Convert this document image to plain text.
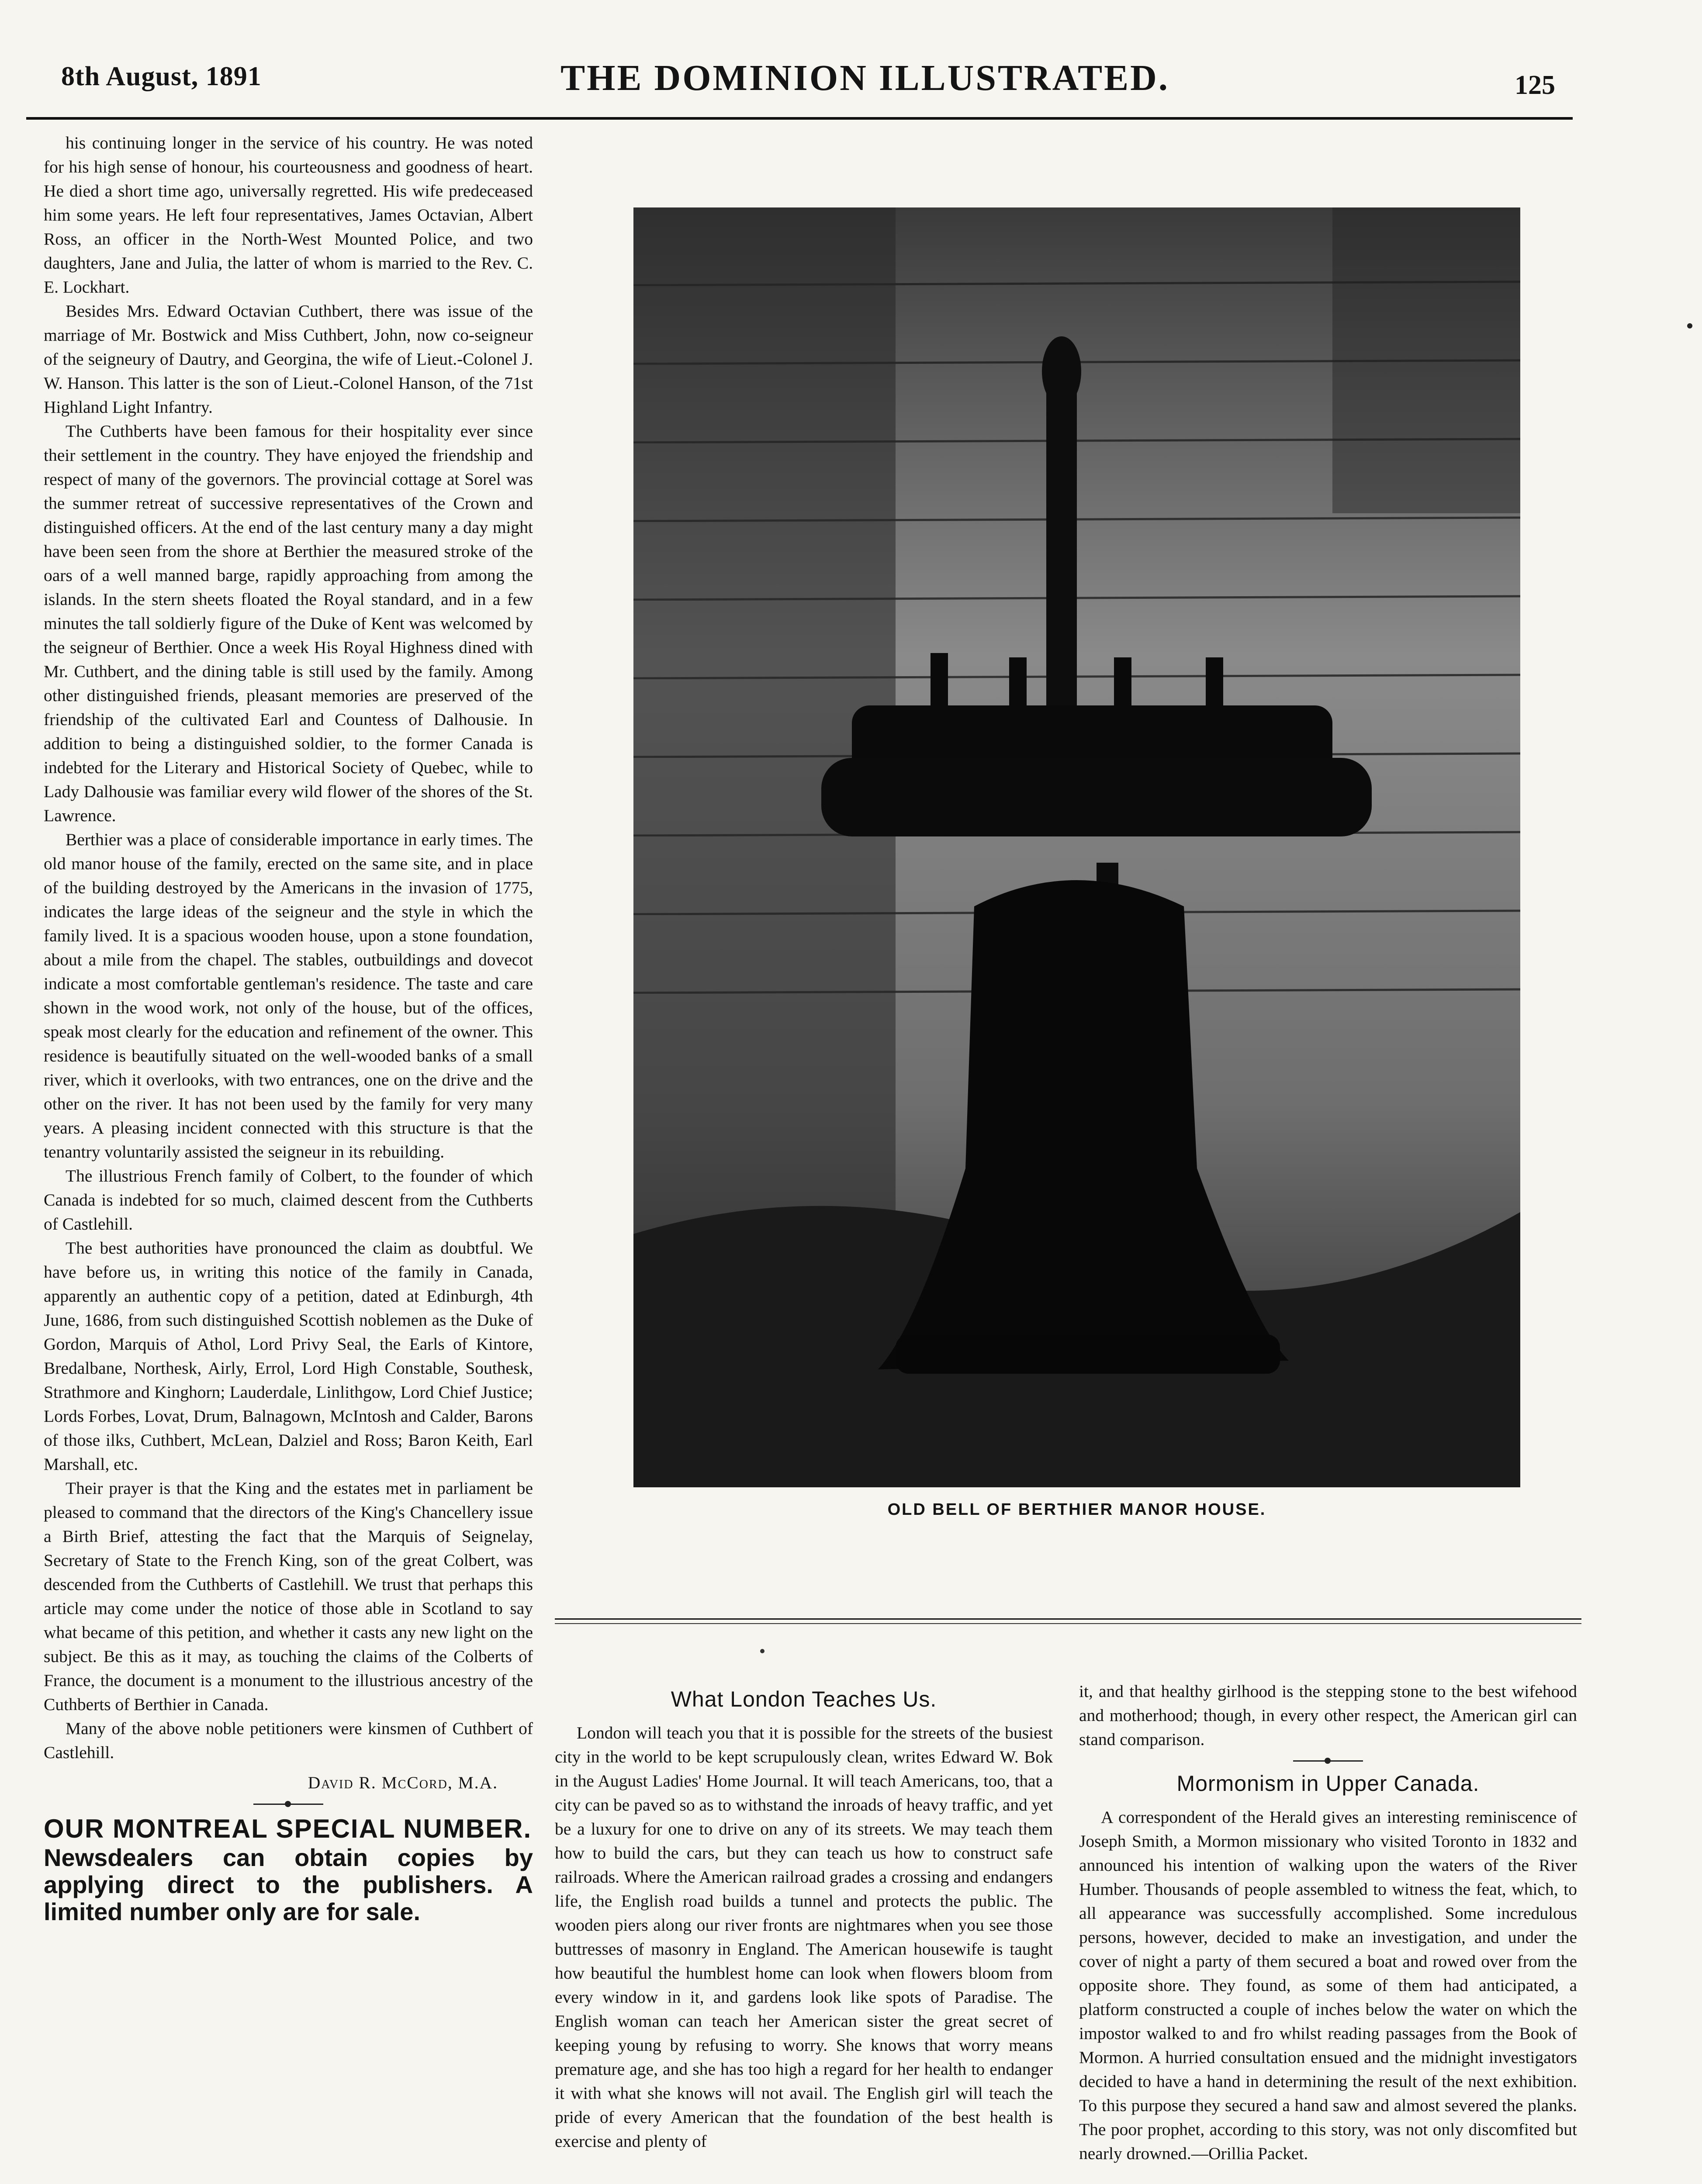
8th August, 1891	THE DOMINION ILLUSTRATED.	125

his continuing longer in the service of his country. He was noted for his high sense of honour, his courteousness and goodness of heart. He died a short time ago, universally regretted. His wife predeceased him some years. He left four representatives, James Octavian, Albert Ross, an officer in the North-West Mounted Police, and two daughters, Jane and Julia, the latter of whom is married to the Rev. C. E. Lockhart.

Besides Mrs. Edward Octavian Cuthbert, there was issue of the marriage of Mr. Bostwick and Miss Cuthbert, John, now co-seigneur of the seigneury of Dautry, and Georgina, the wife of Lieut.-Colonel J. W. Hanson. This latter is the son of Lieut.-Colonel Hanson, of the 71st Highland Light Infantry.

The Cuthberts have been famous for their hospitality ever since their settlement in the country. They have enjoyed the friendship and respect of many of the governors. The provincial cottage at Sorel was the summer retreat of successive representatives of the Crown and distinguished officers. At the end of the last century many a day might have been seen from the shore at Berthier the measured stroke of the oars of a well manned barge, rapidly approaching from among the islands. In the stern sheets floated the Royal standard, and in a few minutes the tall soldierly figure of the Duke of Kent was welcomed by the seigneur of Berthier. Once a week His Royal Highness dined with Mr. Cuthbert, and the dining table is still used by the family. Among other distinguished friends, pleasant memories are preserved of the friendship of the cultivated Earl and Countess of Dalhousie. In addition to being a distinguished soldier, to the former Canada is indebted for the Literary and Historical Society of Quebec, while to Lady Dalhousie was familiar every wild flower of the shores of the St. Lawrence.

Berthier was a place of considerable importance in early times. The old manor house of the family, erected on the same site, and in place of the building destroyed by the Americans in the invasion of 1775, indicates the large ideas of the seigneur and the style in which the family lived. It is a spacious wooden house, upon a stone foundation, about a mile from the chapel. The stables, outbuildings and dovecot indicate a most comfortable gentleman's residence. The taste and care shown in the wood work, not only of the house, but of the offices, speak most clearly for the education and refinement of the owner. This residence is beautifully situated on the well-wooded banks of a small river, which it overlooks, with two entrances, one on the drive and the other on the river. It has not been used by the family for very many years. A pleasing incident connected with this structure is that the tenantry voluntarily assisted the seigneur in its rebuilding.

The illustrious French family of Colbert, to the founder of which Canada is indebted for so much, claimed descent from the Cuthberts of Castlehill.

The best authorities have pronounced the claim as doubtful. We have before us, in writing this notice of the family in Canada, apparently an authentic copy of a petition, dated at Edinburgh, 4th June, 1686, from such distinguished Scottish noblemen as the Duke of Gordon, Marquis of Athol, Lord Privy Seal, the Earls of Kintore, Bredalbane, Northesk, Airly, Errol, Lord High Constable, Southesk, Strathmore and Kinghorn; Lauderdale, Linlithgow, Lord Chief Justice; Lords Forbes, Lovat, Drum, Balnagown, McIntosh and Calder, Barons of those ilks, Cuthbert, McLean, Dalziel and Ross; Baron Keith, Earl Marshall, etc.

Their prayer is that the King and the estates met in parliament be pleased to command that the directors of the King's Chancellery issue a Birth Brief, attesting the fact that the Marquis of Seignelay, Secretary of State to the French King, son of the great Colbert, was descended from the Cuthberts of Castlehill. We trust that perhaps this article may come under the notice of those able in Scotland to say what became of this petition, and whether it casts any new light on the subject. Be this as it may, as touching the claims of the Colberts of France, the document is a monument to the illustrious ancestry of the Cuthberts of Berthier in Canada.

Many of the above noble petitioners were kinsmen of Cuthbert of Castlehill.

David R. McCord, M.A.

OUR MONTREAL SPECIAL NUMBER.
Newsdealers can obtain copies by applying direct to the publishers. A limited number only are for sale.
OLD BELL OF BERTHIER MANOR HOUSE.
What London Teaches Us.

London will teach you that it is possible for the streets of the busiest city in the world to be kept scrupulously clean, writes Edward W. Bok in the August Ladies' Home Journal. It will teach Americans, too, that a city can be paved so as to withstand the inroads of heavy traffic, and yet be a luxury for one to drive on any of its streets. We may teach them how to build the cars, but they can teach us how to construct safe railroads. Where the American railroad grades a crossing and endangers life, the English road builds a tunnel and protects the public. The wooden piers along our river fronts are nightmares when you see those buttresses of masonry in England. The American housewife is taught how beautiful the humblest home can look when flowers bloom from every window in it, and gardens look like spots of Paradise. The English woman can teach her American sister the great secret of keeping young by refusing to worry. She knows that worry means premature age, and she has too high a regard for her health to endanger it with what she knows will not avail. The English girl will teach the pride of every American that the foundation of the best health is exercise and plenty of

it, and that healthy girlhood is the stepping stone to the best wifehood and motherhood; though, in every other respect, the American girl can stand comparison.

Mormonism in Upper Canada.

A correspondent of the Herald gives an interesting reminiscence of Joseph Smith, a Mormon missionary who visited Toronto in 1832 and announced his intention of walking upon the waters of the River Humber. Thousands of people assembled to witness the feat, which, to all appearance was successfully accomplished. Some incredulous persons, however, decided to make an investigation, and under the cover of night a party of them secured a boat and rowed over from the opposite shore. They found, as some of them had anticipated, a platform constructed a couple of inches below the water on which the impostor walked to and fro whilst reading passages from the Book of Mormon. A hurried consultation ensued and the midnight investigators decided to have a hand in determining the result of the next exhibition. To this purpose they secured a hand saw and almost severed the planks. The poor prophet, according to this story, was not only discomfited but nearly drowned.—Orillia Packet.
